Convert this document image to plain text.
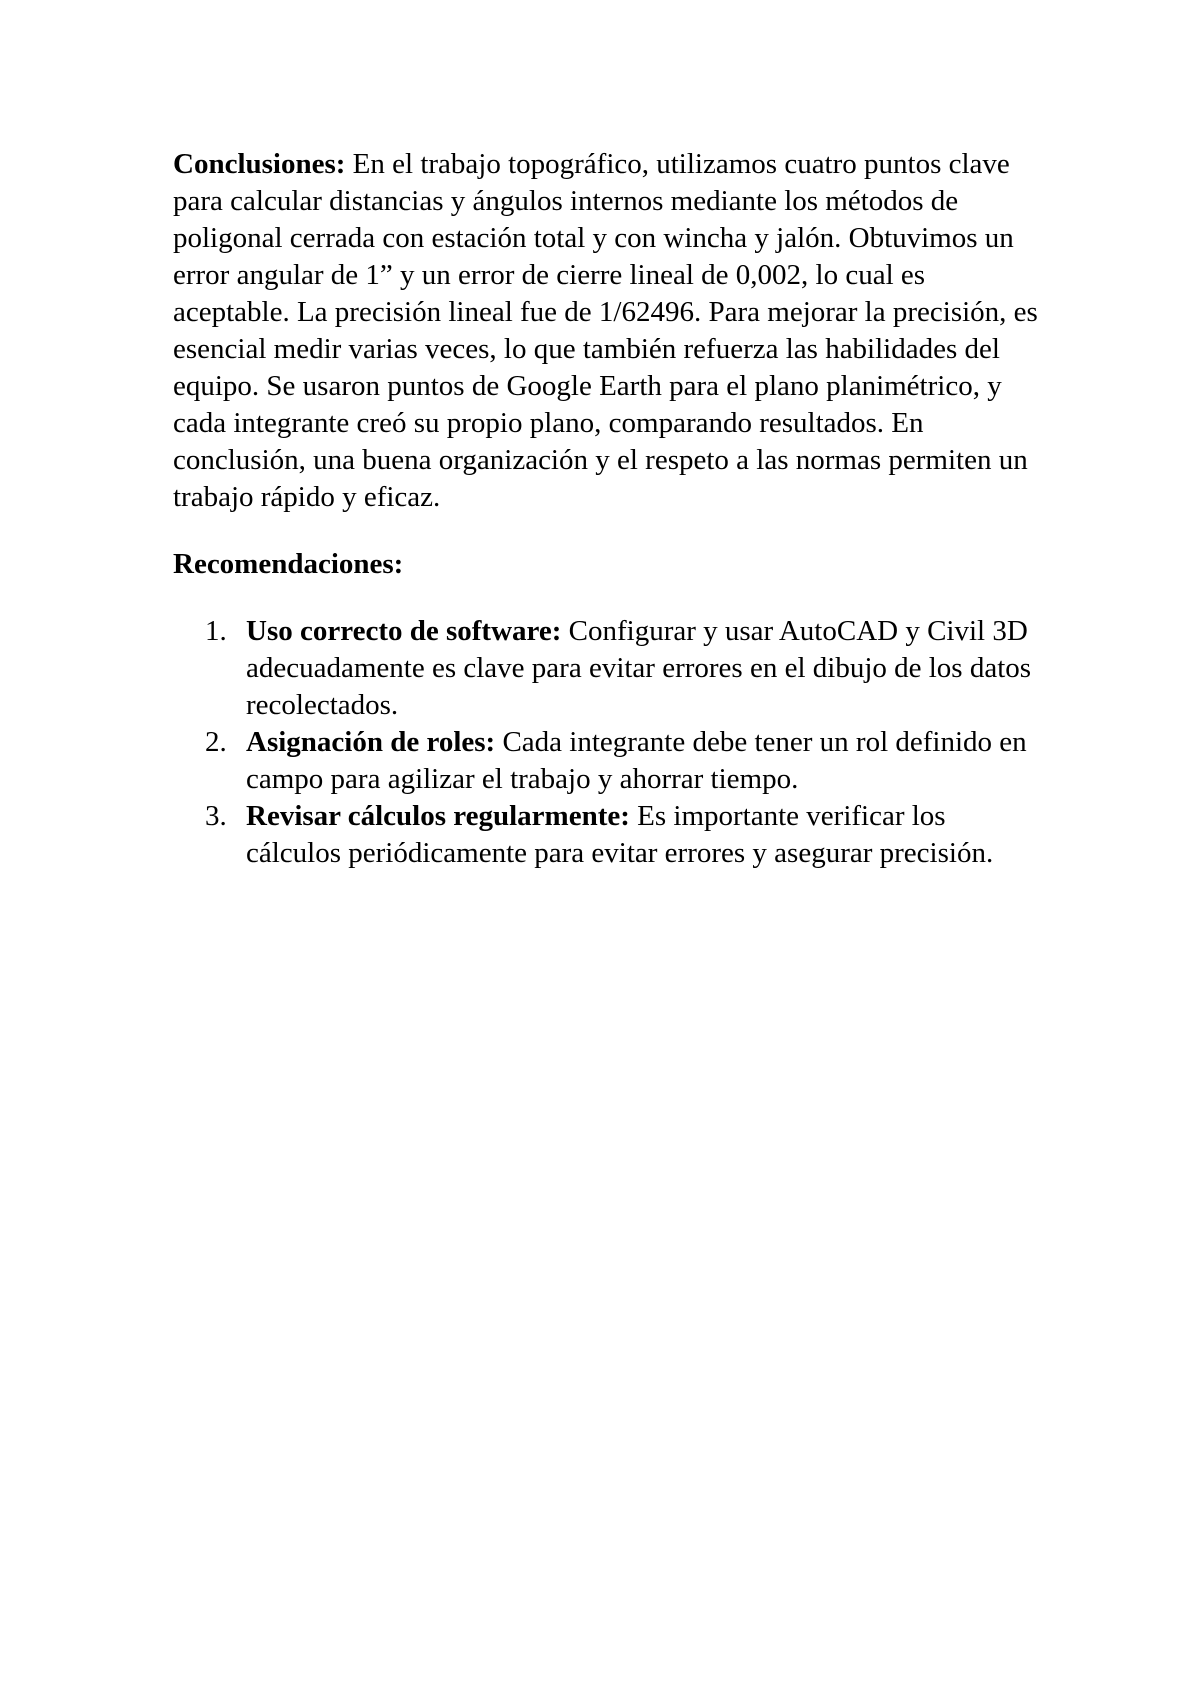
Conclusiones: En el trabajo topográfico, utilizamos cuatro puntos clave para calcular distancias y ángulos internos mediante los métodos de poligonal cerrada con estación total y con wincha y jalón. Obtuvimos un error angular de 1” y un error de cierre lineal de 0,002, lo cual es aceptable. La precisión lineal fue de 1/62496. Para mejorar la precisión, es esencial medir varias veces, lo que también refuerza las habilidades del equipo. Se usaron puntos de Google Earth para el plano planimétrico, y cada integrante creó su propio plano, comparando resultados. En conclusión, una buena organización y el respeto a las normas permiten un trabajo rápido y eficaz.

Recomendaciones:

1. Uso correcto de software: Configurar y usar AutoCAD y Civil 3D adecuadamente es clave para evitar errores en el dibujo de los datos recolectados.
2. Asignación de roles: Cada integrante debe tener un rol definido en campo para agilizar el trabajo y ahorrar tiempo.
3. Revisar cálculos regularmente: Es importante verificar los cálculos periódicamente para evitar errores y asegurar precisión.
